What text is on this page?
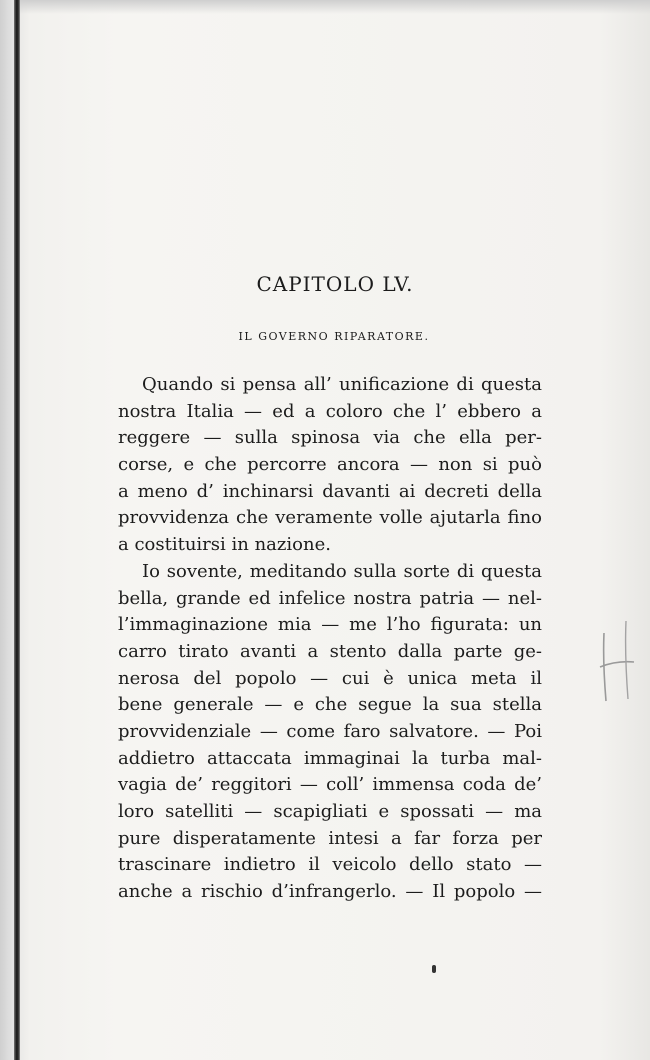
CAPITOLO LV.
IL GOVERNO RIPARATORE.
Quando si pensa all’ unificazione di questa
nostra Italia — ed a coloro che l’ ebbero a
reggere — sulla spinosa via che ella per-
corse, e che percorre ancora — non si può
a meno d’ inchinarsi davanti ai decreti della
provvidenza che veramente volle ajutarla fino
a costituirsi in nazione.
Io sovente, meditando sulla sorte di questa
bella, grande ed infelice nostra patria — nel-
l’immaginazione mia — me l’ho figurata: un
carro tirato avanti a stento dalla parte ge-
nerosa del popolo — cui è unica meta il
bene generale — e che segue la sua stella
provvidenziale — come faro salvatore. — Poi
addietro attaccata immaginai la turba mal-
vagia de’ reggitori — coll’ immensa coda de’
loro satelliti — scapigliati e spossati — ma
pure disperatamente intesi a far forza per
trascinare indietro il veicolo dello stato —
anche a rischio d’infrangerlo. — Il popolo —
